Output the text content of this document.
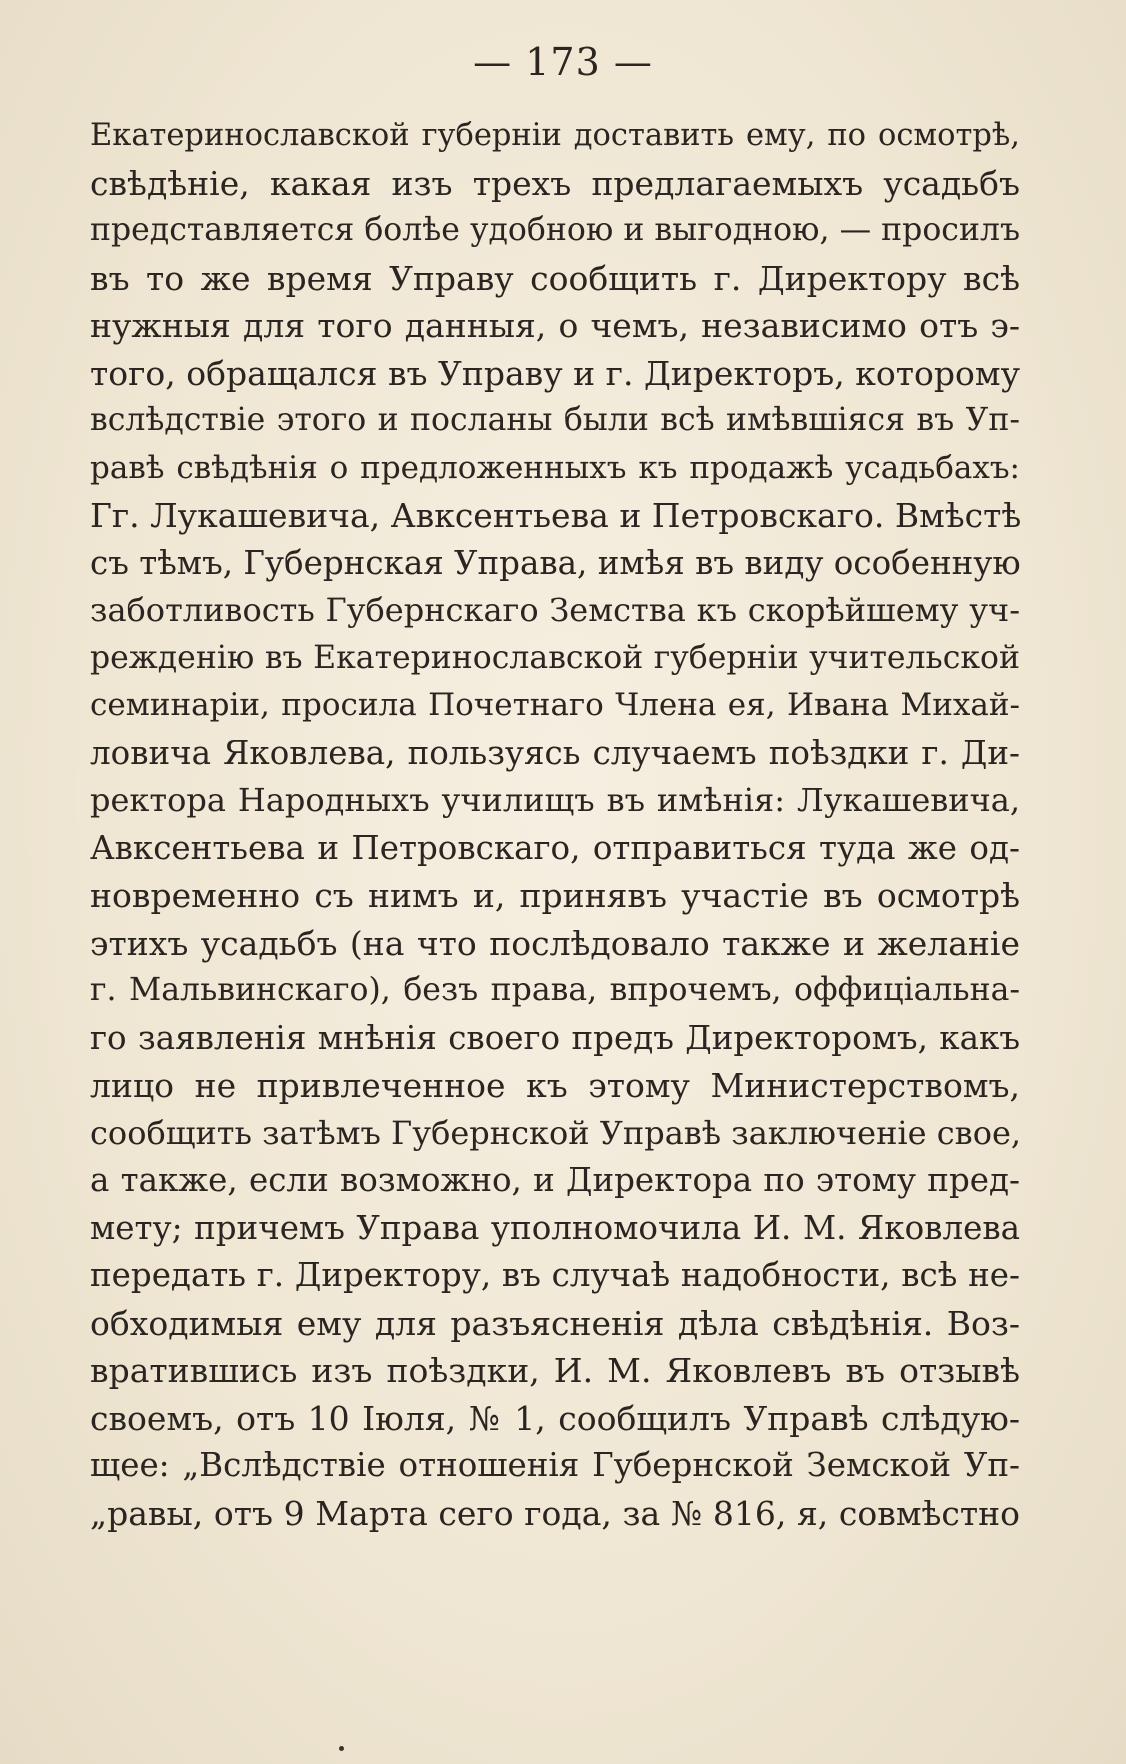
— 173 —
Екатеринославской губерніи доставить ему, по осмотрѣ,
свѣдѣніе, какая изъ трехъ предлагаемыхъ усадьбъ
представляется болѣе удобною и выгодною, — просилъ
въ то же время Управу сообщить г. Директору всѣ
нужныя для того данныя, о чемъ, независимо отъ э-
того, обращался въ Управу и г. Директоръ, которому
вслѣдствіе этого и посланы были всѣ имѣвшіяся въ Уп-
равѣ свѣдѣнія о предложенныхъ къ продажѣ усадьбахъ:
Гг. Лукашевича, Авксентьева и Петровскаго. Вмѣстѣ
съ тѣмъ, Губернская Управа, имѣя въ виду особенную
заботливость Губернскаго Земства къ скорѣйшему уч-
режденію въ Екатеринославской губерніи учительской
семинаріи, просила Почетнаго Члена ея, Ивана Михай-
ловича Яковлева, пользуясь случаемъ поѣздки г. Ди-
ректора Народныхъ училищъ въ имѣнія: Лукашевича,
Авксентьева и Петровскаго, отправиться туда же од-
новременно съ нимъ и, принявъ участіе въ осмотрѣ
этихъ усадьбъ (на что послѣдовало также и желаніе
г. Мальвинскаго), безъ права, впрочемъ, оффиціальна-
го заявленія мнѣнія своего предъ Директоромъ, какъ
лицо не привлеченное къ этому Министерствомъ,
сообщить затѣмъ Губернской Управѣ заключеніе свое,
а также, если возможно, и Директора по этому пред-
мету; причемъ Управа уполномочила И. М. Яковлева
передать г. Директору, въ случаѣ надобности, всѣ не-
обходимыя ему для разъясненія дѣла свѣдѣнія. Воз-
вратившись изъ поѣздки, И. М. Яковлевъ въ отзывѣ
своемъ, отъ 10 Іюля, № 1, сообщилъ Управѣ слѣдую-
щее: „Вслѣдствіе отношенія Губернской Земской Уп-
„равы, отъ 9 Марта сего года, за № 816, я, совмѣстно
